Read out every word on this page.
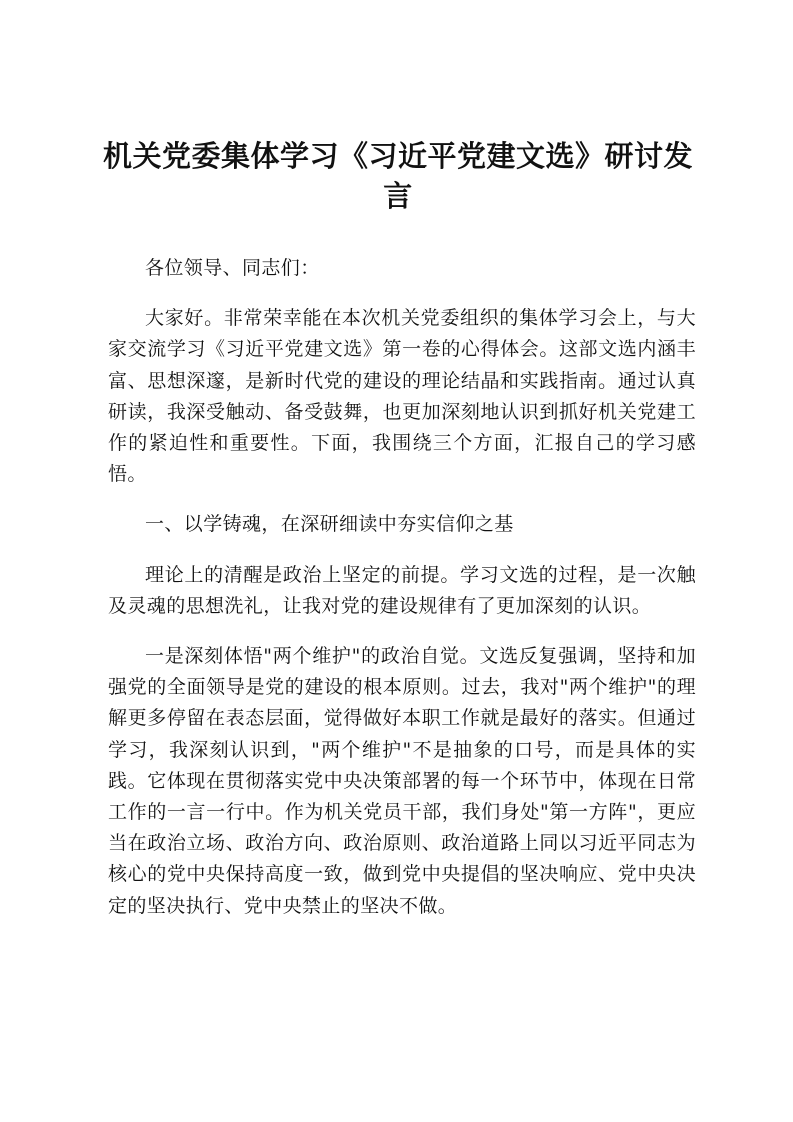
机关党委集体学习《习近平党建文选》研讨发言

各位领导、同志们：

大家好。非常荣幸能在本次机关党委组织的集体学习会上，与大家交流学习《习近平党建文选》第一卷的心得体会。这部文选内涵丰富、思想深邃，是新时代党的建设的理论结晶和实践指南。通过认真研读，我深受触动、备受鼓舞，也更加深刻地认识到抓好机关党建工作的紧迫性和重要性。下面，我围绕三个方面，汇报自己的学习感悟。

一、以学铸魂，在深研细读中夯实信仰之基

理论上的清醒是政治上坚定的前提。学习文选的过程，是一次触及灵魂的思想洗礼，让我对党的建设规律有了更加深刻的认识。

一是深刻体悟"两个维护"的政治自觉。文选反复强调，坚持和加强党的全面领导是党的建设的根本原则。过去，我对"两个维护"的理解更多停留在表态层面，觉得做好本职工作就是最好的落实。但通过学习，我深刻认识到，"两个维护"不是抽象的口号，而是具体的实践。它体现在贯彻落实党中央决策部署的每一个环节中，体现在日常工作的一言一行中。作为机关党员干部，我们身处"第一方阵"，更应当在政治立场、政治方向、政治原则、政治道路上同以习近平同志为核心的党中央保持高度一致，做到党中央提倡的坚决响应、党中央决定的坚决执行、党中央禁止的坚决不做。
